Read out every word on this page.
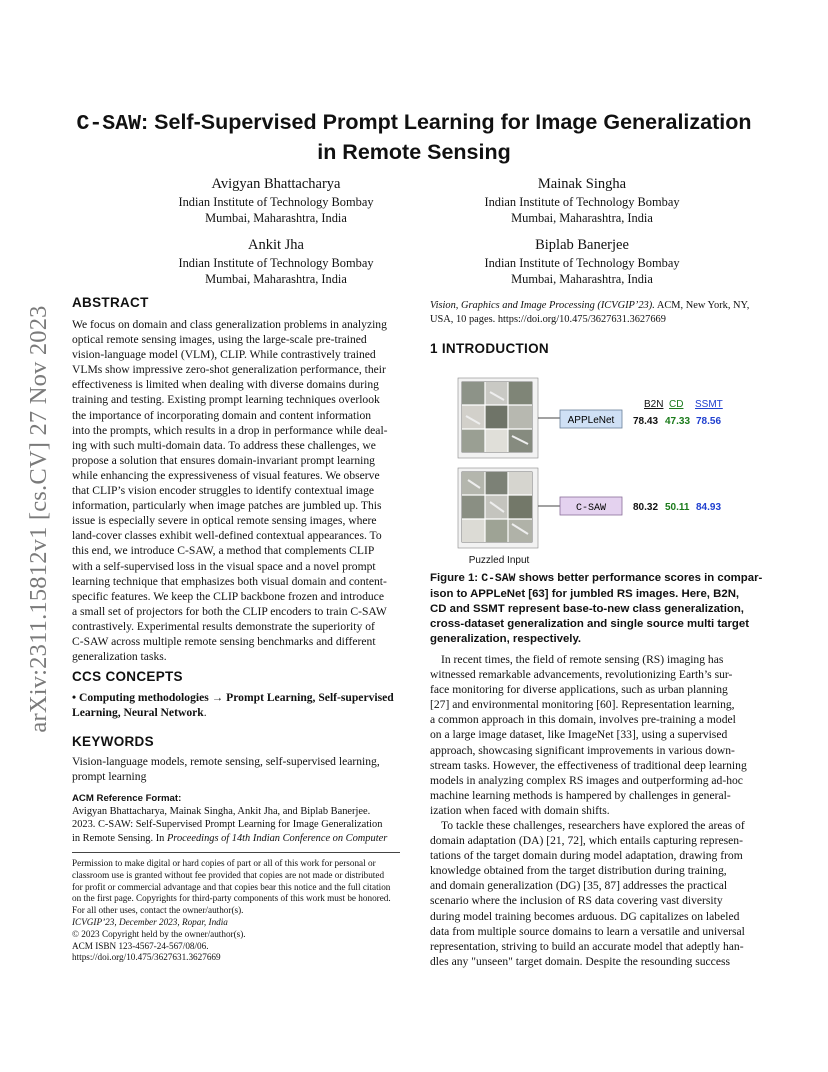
arXiv:2311.15812v1 [cs.CV] 27 Nov 2023
C-SAW: Self-Supervised Prompt Learning for Image Generalization
in Remote Sensing
Avigyan Bhattacharya
Indian Institute of Technology Bombay
Mumbai, Maharashtra, India
Mainak Singha
Indian Institute of Technology Bombay
Mumbai, Maharashtra, India
Ankit Jha
Indian Institute of Technology Bombay
Mumbai, Maharashtra, India
Biplab Banerjee
Indian Institute of Technology Bombay
Mumbai, Maharashtra, India
ABSTRACT
We focus on domain and class generalization problems in analyzing
optical remote sensing images, using the large-scale pre-trained
vision-language model (VLM), CLIP. While contrastively trained
VLMs show impressive zero-shot generalization performance, their
effectiveness is limited when dealing with diverse domains during
training and testing. Existing prompt learning techniques overlook
the importance of incorporating domain and content information
into the prompts, which results in a drop in performance while deal-
ing with such multi-domain data. To address these challenges, we
propose a solution that ensures domain-invariant prompt learning
while enhancing the expressiveness of visual features. We observe
that CLIP’s vision encoder struggles to identify contextual image
information, particularly when image patches are jumbled up. This
issue is especially severe in optical remote sensing images, where
land-cover classes exhibit well-defined contextual appearances. To
this end, we introduce C-SAW, a method that complements CLIP
with a self-supervised loss in the visual space and a novel prompt
learning technique that emphasizes both visual domain and content-
specific features. We keep the CLIP backbone frozen and introduce
a small set of projectors for both the CLIP encoders to train C-SAW
contrastively. Experimental results demonstrate the superiority of
C-SAW across multiple remote sensing benchmarks and different
generalization tasks.
CCS CONCEPTS
• Computing methodologies → Prompt Learning, Self-supervised
Learning, Neural Network.
KEYWORDS
Vision-language models, remote sensing, self-supervised learning,
prompt learning
ACM Reference Format:
Avigyan Bhattacharya, Mainak Singha, Ankit Jha, and Biplab Banerjee.
2023. C-SAW: Self-Supervised Prompt Learning for Image Generalization
in Remote Sensing. In Proceedings of 14th Indian Conference on Computer
Permission to make digital or hard copies of part or all of this work for personal or
classroom use is granted without fee provided that copies are not made or distributed
for profit or commercial advantage and that copies bear this notice and the full citation
on the first page. Copyrights for third-party components of this work must be honored.
For all other uses, contact the owner/author(s).
ICVGIP’23, December 2023, Ropar, India
© 2023 Copyright held by the owner/author(s).
ACM ISBN 123-4567-24-567/08/06.
https://doi.org/10.475/3627631.3627669
Vision, Graphics and Image Processing (ICVGIP’23). ACM, New York, NY,
USA, 10 pages. https://doi.org/10.475/3627631.3627669
1 INTRODUCTION
APPLeNet
C-SAW
B2N CD SSMT
78.43 47.33 78.56
80.32 50.11 84.93
Puzzled Input
Figure 1: C-SAW shows better performance scores in compar-
ison to APPLeNet [63] for jumbled RS images. Here, B2N,
CD and SSMT represent base-to-new class generalization,
cross-dataset generalization and single source multi target
generalization, respectively.
In recent times, the field of remote sensing (RS) imaging has
witnessed remarkable advancements, revolutionizing Earth’s sur-
face monitoring for diverse applications, such as urban planning
[27] and environmental monitoring [60]. Representation learning,
a common approach in this domain, involves pre-training a model
on a large image dataset, like ImageNet [33], using a supervised
approach, showcasing significant improvements in various down-
stream tasks. However, the effectiveness of traditional deep learning
models in analyzing complex RS images and outperforming ad-hoc
machine learning methods is hampered by challenges in general-
ization when faced with domain shifts.
To tackle these challenges, researchers have explored the areas of
domain adaptation (DA) [21, 72], which entails capturing represen-
tations of the target domain during model adaptation, drawing from
knowledge obtained from the target distribution during training,
and domain generalization (DG) [35, 87] addresses the practical
scenario where the inclusion of RS data covering vast diversity
during model training becomes arduous. DG capitalizes on labeled
data from multiple source domains to learn a versatile and universal
representation, striving to build an accurate model that adeptly han-
dles any "unseen" target domain. Despite the resounding success
